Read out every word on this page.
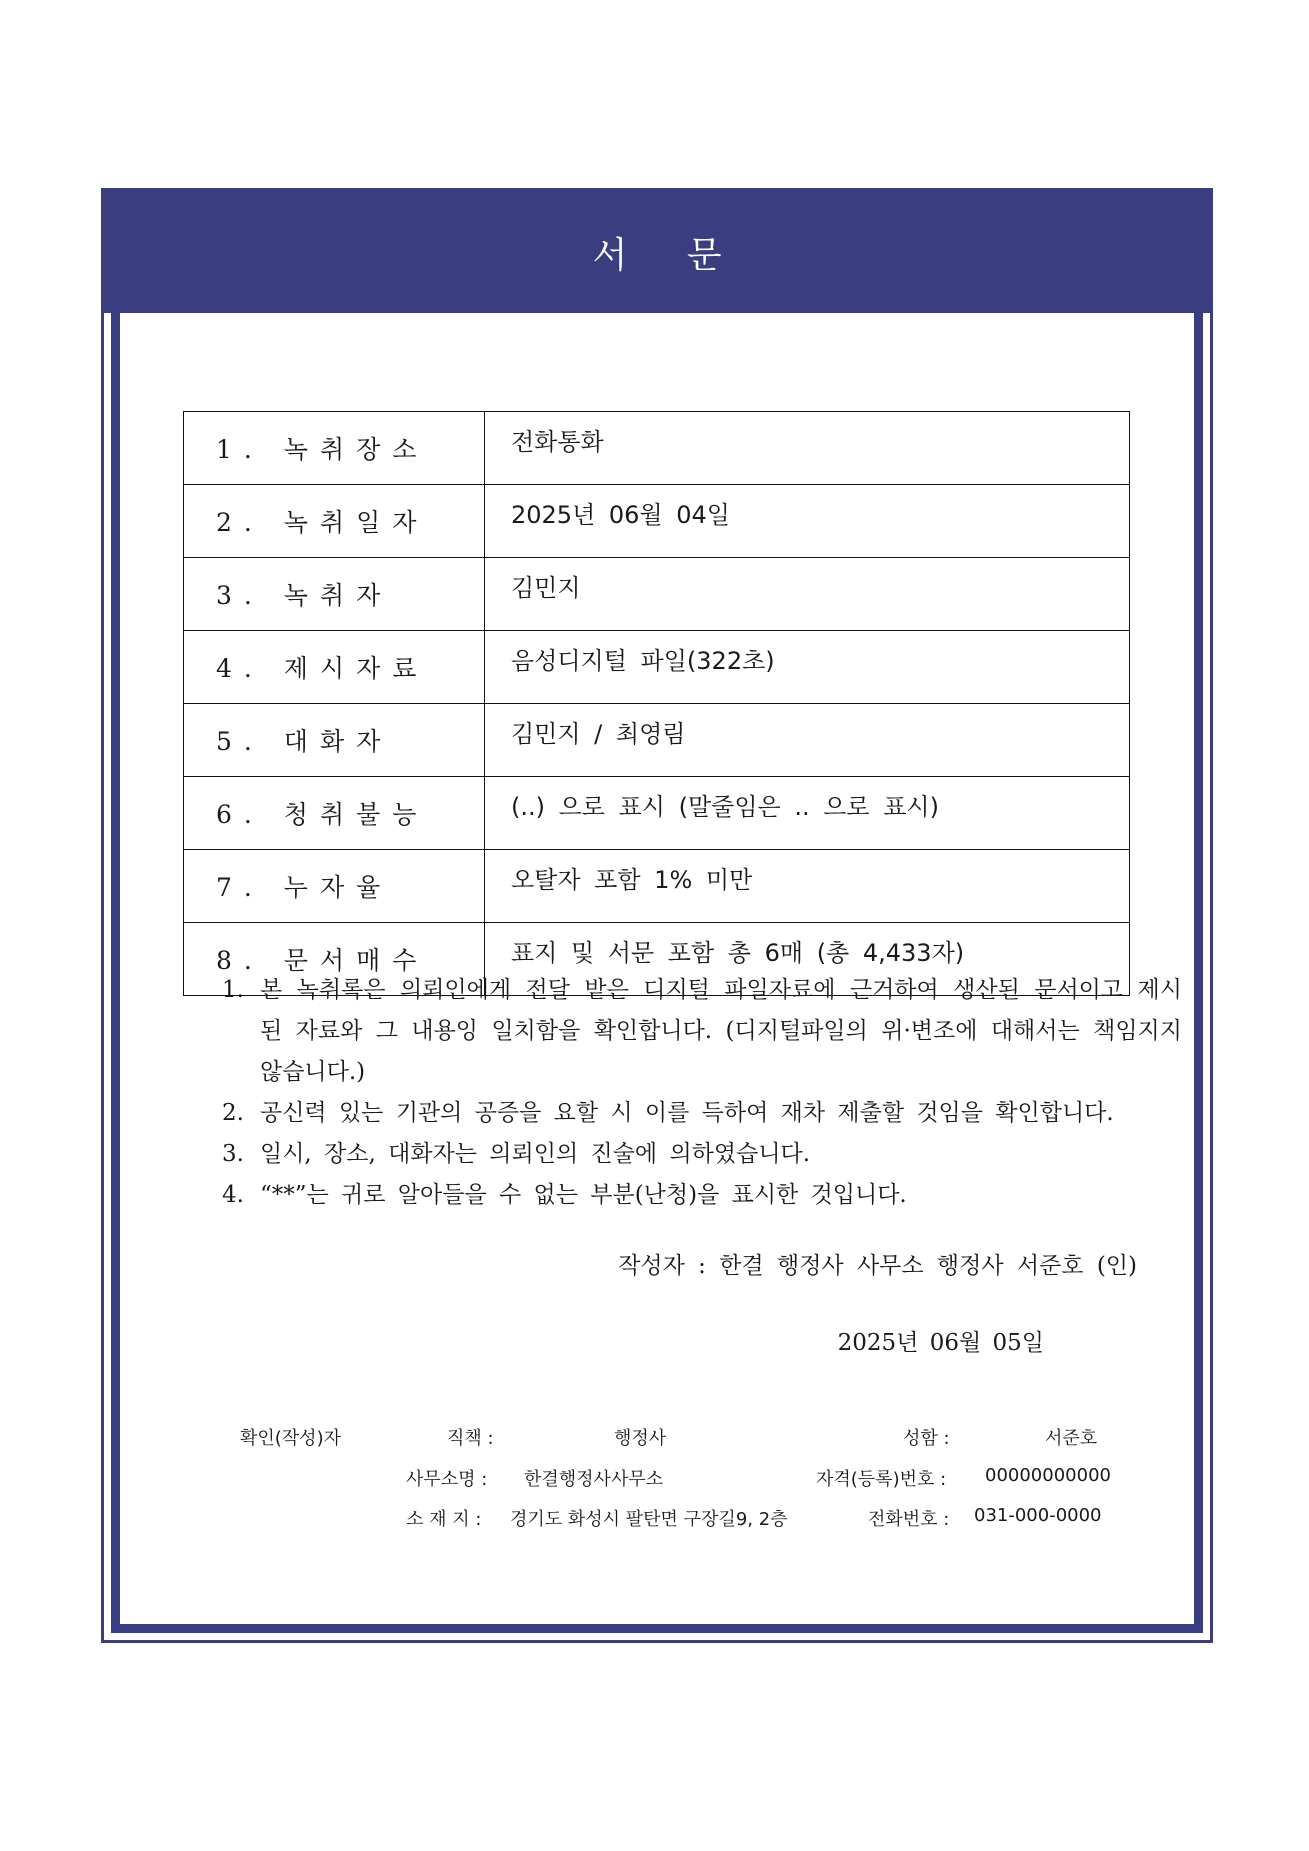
서 문
1. 녹취장소	전화통화
2. 녹취일자	2025년 06월 04일
3. 녹취자	김민지
4. 제시자료	음성디지털 파일(322초)
5. 대화자	김민지 / 최영림
6. 청취불능	(..) 으로 표시 (말줄임은 .. 으로 표시)
7. 누자율	오탈자 포함 1% 미만
8. 문서매수	표지 및 서문 포함 총 6매 (총 4,433자)
1. 본 녹취록은 의뢰인에게 전달 받은 디지털 파일자료에 근거하여 생산된 문서이고 제시된 자료와 그 내용잉 일치함을 확인합니다. (디지털파일의 위·변조에 대해서는 책임지지 않습니다.)
2. 공신력 있는 기관의 공증을 요할 시 이를 득하여 재차 제출할 것임을 확인합니다.
3. 일시, 장소, 대화자는 의뢰인의 진술에 의하였습니다.
4. “**”는 귀로 알아들을 수 없는 부분(난청)을 표시한 것입니다.
작성자 : 한결 행정사 사무소 행정사 서준호 (인)
2025년 06월 05일
확인(작성)자	직책 :	행정사	성함 :	서준호
사무소명 : 한결행정사사무소	자격(등록)번호 : 00000000000
소 재 지 : 경기도 화성시 팔탄면 구장길9, 2층	전화번호 : 031-000-0000
